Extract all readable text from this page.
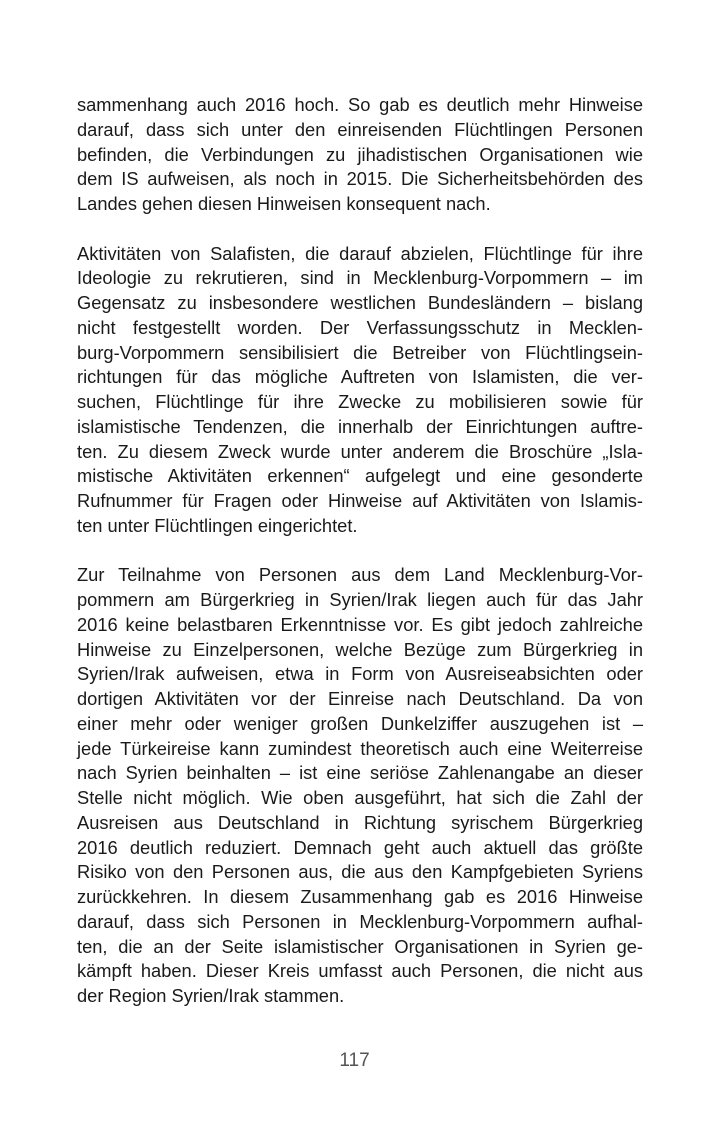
sammenhang auch 2016 hoch. So gab es deutlich mehr Hinweise
darauf, dass sich unter den einreisenden Flüchtlingen Personen
befinden, die Verbindungen zu jihadistischen Organisationen wie
dem IS aufweisen, als noch in 2015. Die Sicherheitsbehörden des
Landes gehen diesen Hinweisen konsequent nach.
Aktivitäten von Salafisten, die darauf abzielen, Flüchtlinge für ihre
Ideologie zu rekrutieren, sind in Mecklenburg-Vorpommern – im
Gegensatz zu insbesondere westlichen Bundesländern – bislang
nicht festgestellt worden. Der Verfassungsschutz in Mecklen-
burg-Vorpommern sensibilisiert die Betreiber von Flüchtlingsein-
richtungen für das mögliche Auftreten von Islamisten, die ver-
suchen, Flüchtlinge für ihre Zwecke zu mobilisieren sowie für
islamistische Tendenzen, die innerhalb der Einrichtungen auftre-
ten. Zu diesem Zweck wurde unter anderem die Broschüre „Isla-
mistische Aktivitäten erkennen“ aufgelegt und eine gesonderte
Rufnummer für Fragen oder Hinweise auf Aktivitäten von Islamis-
ten unter Flüchtlingen eingerichtet.
Zur Teilnahme von Personen aus dem Land Mecklenburg-Vor-
pommern am Bürgerkrieg in Syrien/Irak liegen auch für das Jahr
2016 keine belastbaren Erkenntnisse vor. Es gibt jedoch zahlreiche
Hinweise zu Einzelpersonen, welche Bezüge zum Bürgerkrieg in
Syrien/Irak aufweisen, etwa in Form von Ausreiseabsichten oder
dortigen Aktivitäten vor der Einreise nach Deutschland. Da von
einer mehr oder weniger großen Dunkelziffer auszugehen ist –
jede Türkeireise kann zumindest theoretisch auch eine Weiterreise
nach Syrien beinhalten – ist eine seriöse Zahlenangabe an dieser
Stelle nicht möglich. Wie oben ausgeführt, hat sich die Zahl der
Ausreisen aus Deutschland in Richtung syrischem Bürgerkrieg
2016 deutlich reduziert. Demnach geht auch aktuell das größte
Risiko von den Personen aus, die aus den Kampfgebieten Syriens
zurückkehren. In diesem Zusammenhang gab es 2016 Hinweise
darauf, dass sich Personen in Mecklenburg-Vorpommern aufhal-
ten, die an der Seite islamistischer Organisationen in Syrien ge-
kämpft haben. Dieser Kreis umfasst auch Personen, die nicht aus
der Region Syrien/Irak stammen.
117
